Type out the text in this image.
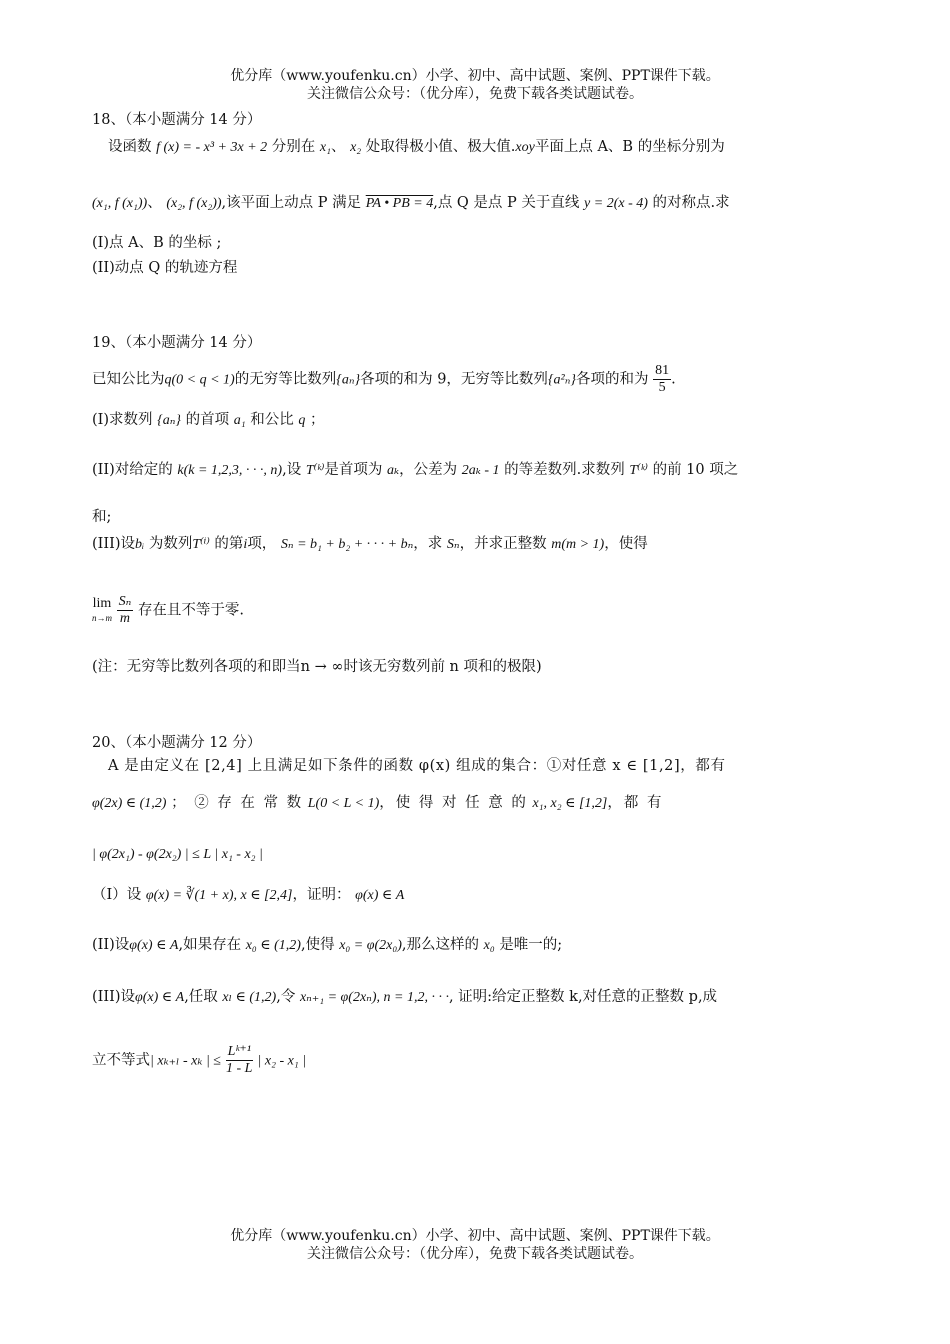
优分库（www.youfenku.cn）小学、初中、高中试题、案例、PPT课件下载。
关注微信公众号：（优分库），免费下载各类试题试卷。
18、（本小题满分 14 分）
设函数 f (x) = - x³ + 3x + 2 分别在 x₁、 x₂ 处取得极小值、极大值.xoy平面上点 A、B 的坐标分别为
(x₁, f (x₁))、 (x₂, f (x₂)),该平面上动点 P 满足 PA • PB = 4,点 Q 是点 P 关于直线 y = 2(x - 4) 的对称点.求
(I)点 A、B 的坐标 ;
(II)动点 Q 的轨迹方程
19、（本小题满分 14 分）
已知公比为q(0 < q < 1)的无穷等比数列{aₙ}各项的和为 9，无穷等比数列{a²ₙ}各项的和为 $\frac{81}{5}$ .
(I)求数列 {aₙ} 的首项 a₁ 和公比 q ；
(II)对给定的 k(k = 1,2,3, · · ·, n),设 T⁽ᵏ⁾是首项为 aₖ，公差为 2aₖ - 1 的等差数列.求数列 T⁽ᵏ⁾ 的前 10 项之
和;
(III)设bᵢ 为数列T⁽ⁱ⁾ 的第i项， Sₙ = b₁ + b₂ + · · · + bₙ，求 Sₙ，并求正整数 m(m > 1)，使得
lim
n→m
$\frac{\text{Sₙ}}{m}$ 存在且不等于零.
(注：无穷等比数列各项的和即当n → ∞时该无穷数列前 n 项和的极限)
20、（本小题满分 12 分）
A 是由定义在 [2,4] 上且满足如下条件的函数 φ(x) 组成的集合：①对任意 x ∈ [1,2]，都有
φ(2x) ∈ (1,2) ； ② 存 在 常 数 L(0 < L < 1)，使 得 对 任 意 的 x₁, x₂ ∈ [1,2]，都 有
| φ(2x₁) - φ(2x₂) | ≤ L | x₁ - x₂ |
（Ⅰ）设 φ(x) = ∛(1 + x), x ∈ [2,4]，证明： φ(x) ∈ A
(II)设φ(x) ∈ A,如果存在 x₀ ∈ (1,2),使得 x₀ = φ(2x₀),那么这样的 x₀ 是唯一的;
(III)设φ(x) ∈ A,任取 xₗ ∈ (1,2),令 xₙ₊₁ = φ(2xₙ), n = 1,2, · · ·, 证明:给定正整数 k,对任意的正整数 p,成
立不等式| xₖ₊ₗ - xₖ | ≤ $\frac{\text{Lᵏ⁺¹}}{1 - L}$ | x₂ - x₁ |
优分库（www.youfenku.cn）小学、初中、高中试题、案例、PPT课件下载。
关注微信公众号：（优分库），免费下载各类试题试卷。
